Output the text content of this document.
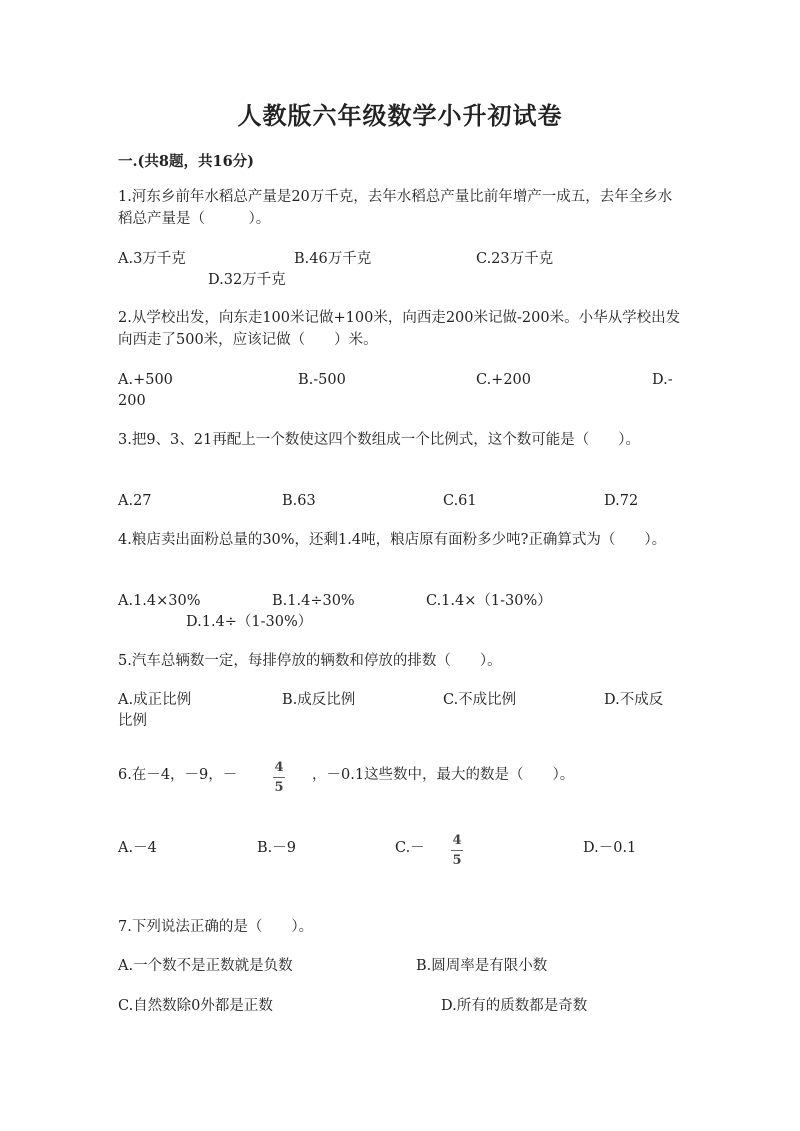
人教版六年级数学小升初试卷
一.(共8题，共16分)
1.河东乡前年水稻总产量是20万千克，去年水稻总产量比前年增产一成五，去年全乡水稻总产量是（　　　）。
A.3万千克	B.46万千克	C.23万千克
D.32万千克
2.从学校出发，向东走100米记做+100米，向西走200米记做-200米。小华从学校出发向西走了500米，应该记做（　　）米。
A.+500	B.-500	C.+200	D.-
200
3.把9、3、21再配上一个数使这四个数组成一个比例式，这个数可能是（　　）。
A.27	B.63	C.61	D.72
4.粮店卖出面粉总量的30%，还剩1.4吨，粮店原有面粉多少吨?正确算式为（　　）。
A.1.4×30%	B.1.4÷30%	C.1.4×（1-30%）
D.1.4÷（1-30%）
5.汽车总辆数一定，每排停放的辆数和停放的排数（　　）。
A.成正比例	B.成反比例	C.不成比例	D.不成反
比例
6.在－4，－9，－	4
5
，－0.1这些数中，最大的数是（　　）。
A.－4	B.－9	C.－ 4
5
D.－0.1
7.下列说法正确的是（　　）。
A.一个数不是正数就是负数	B.圆周率是有限小数
C.自然数除0外都是正数	D.所有的质数都是奇数
